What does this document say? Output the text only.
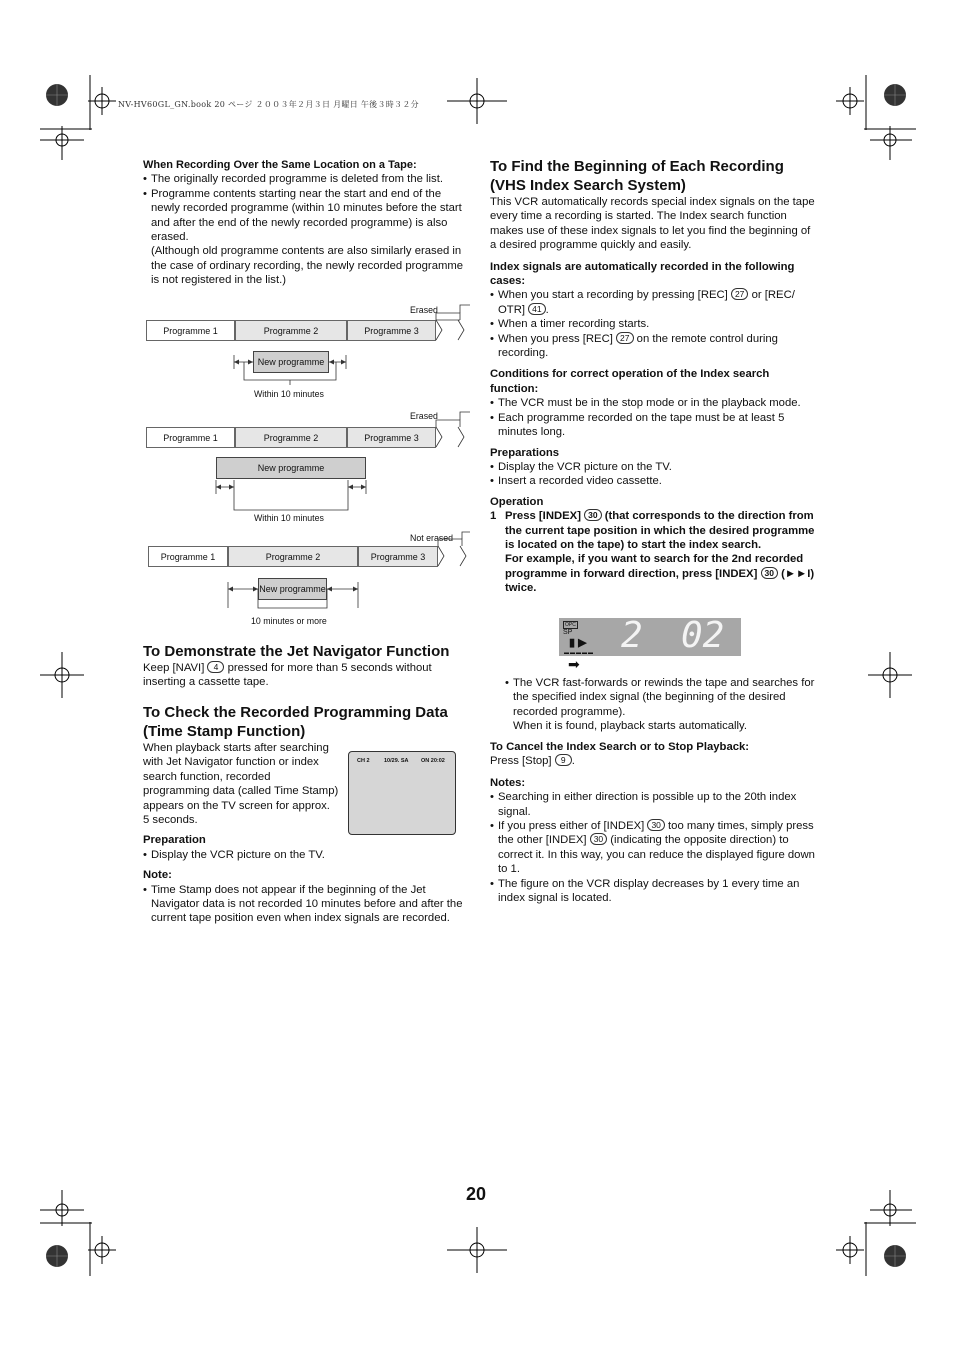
NV-HV60GL_GN.book 20 ページ ２００３年２月３日 月曜日 午後３時３２分

When Recording Over the Same Location on a Tape:

• The originally recorded programme is deleted from the list.

• Programme contents starting near the start and end of the newly recorded programme (within 10 minutes before the start and after the end of the newly recorded programme) is also erased.

(Although old programme contents are also similarly erased in the case of ordinary recording, the newly recorded programme is not registered in the list.)

Programme 1	Programme 2	Programme 3
New programme
Erased
Within 10 minutes
Programme 1	Programme 2	Programme 3
New programme
Erased
Within 10 minutes
Programme 1	Programme 2	Programme 3
New programme
Not erased
10 minutes or more

To Demonstrate the Jet Navigator Function

Keep [NAVI] 4 pressed for more than 5 seconds without inserting a cassette tape.

To Check the Recorded Programming Data (Time Stamp Function)

When playback starts after searching with Jet Navigator function or index search function, recorded programming data (called Time Stamp) appears on the TV screen for approx. 5 seconds.

Preparation

• Display the VCR picture on the TV.

Note:

• Time Stamp does not appear if the beginning of the Jet Navigator data is not recorded 10 minutes before and after the current tape position even when index signals are recorded.

CH 2	10/29. SA ON 20:02

To Find the Beginning of Each Recording (VHS Index Search System)

This VCR automatically records special index signals on the tape every time a recording is started. The Index search function makes use of these index signals to let you find the beginning of a desired programme quickly and easily.

Index signals are automatically recorded in the following cases:

• When you start a recording by pressing [REC] 27 or [REC/ OTR] 41 .

• When a timer recording starts.

• When you press [REC] 27 on the remote control during recording.

Conditions for correct operation of the Index search function:

• The VCR must be in the stop mode or in the playback mode.

• Each programme recorded on the tape must be at least 5 minutes long.

Preparations

• Display the VCR picture on the TV.

• Insert a recorded video cassette.

Operation

1 Press [INDEX] 30 (that corresponds to the direction from the current tape position in which the desired programme is located on the tape) to start the index search.
For example, if you want to search for the 2nd recorded programme in forward direction, press [INDEX] 30 (►►I) twice.
OPC
SP
▮ ▶
▬▬▬▬▬ 2 02
➡

• The VCR fast-forwards or rewinds the tape and searches for the specified index signal (the beginning of the desired recorded programme).

When it is found, playback starts automatically.

To Cancel the Index Search or to Stop Playback:

Press [Stop] 9 .

Notes:

• Searching in either direction is possible up to the 20th index signal.

• If you press either of [INDEX] 30 too many times, simply press the other [INDEX] 30 (indicating the opposite direction) to correct it. In this way, you can reduce the displayed figure down to 1.

• The figure on the VCR display decreases by 1 every time an index signal is located.

20
